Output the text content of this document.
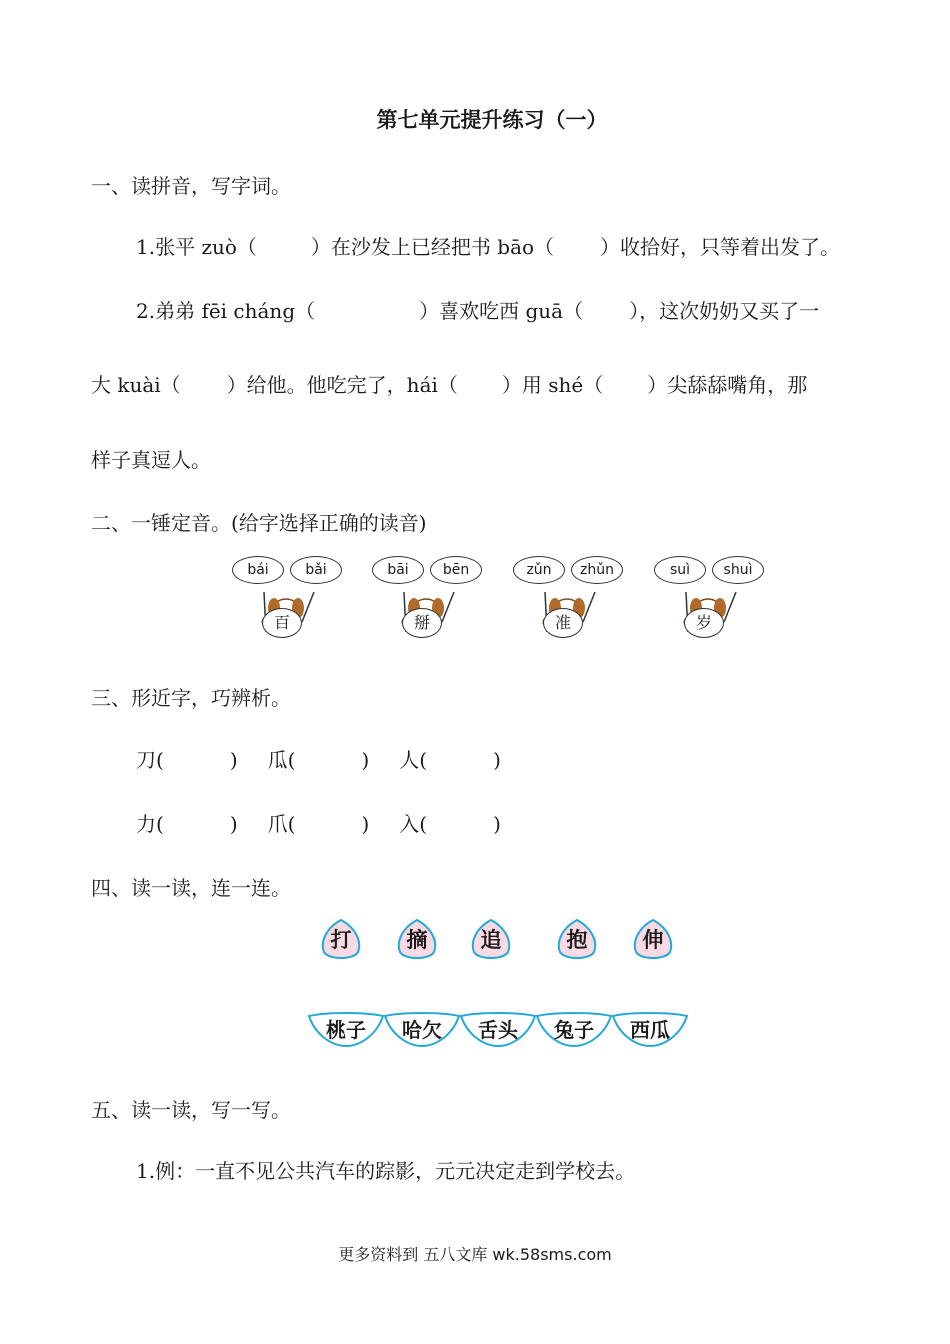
第七单元提升练习（一）
一、读拼音，写字词。
1.张平 zuò（	）在沙发上已经把书 bāo（ ）收拾好，只等着出发了。
2.弟弟 fēi cháng（	）喜欢吃西 guā（ ），这次奶奶又买了一
大 kuài（ ）给他。他吃完了，hái（ ）用 shé（ ）尖舔舔嘴角，那
样子真逗人。
二、一锤定音。(给字选择正确的读音)
bái	bǎi
百
bāi	bēn
掰
zǔn	zhǔn
准
suì	shuì
岁
三、形近字，巧辨析。
刀(	) 瓜(	) 人(	)
力(	) 爪(	) 入(	)
四、读一读，连一连。
打	摘	追	抱	伸
桃子	哈欠	舌头	兔子	西瓜
五、读一读，写一写。
1.例：一直不见公共汽车的踪影，元元决定走到学校去。
更多资料到 五八文库 wk.58sms.com
